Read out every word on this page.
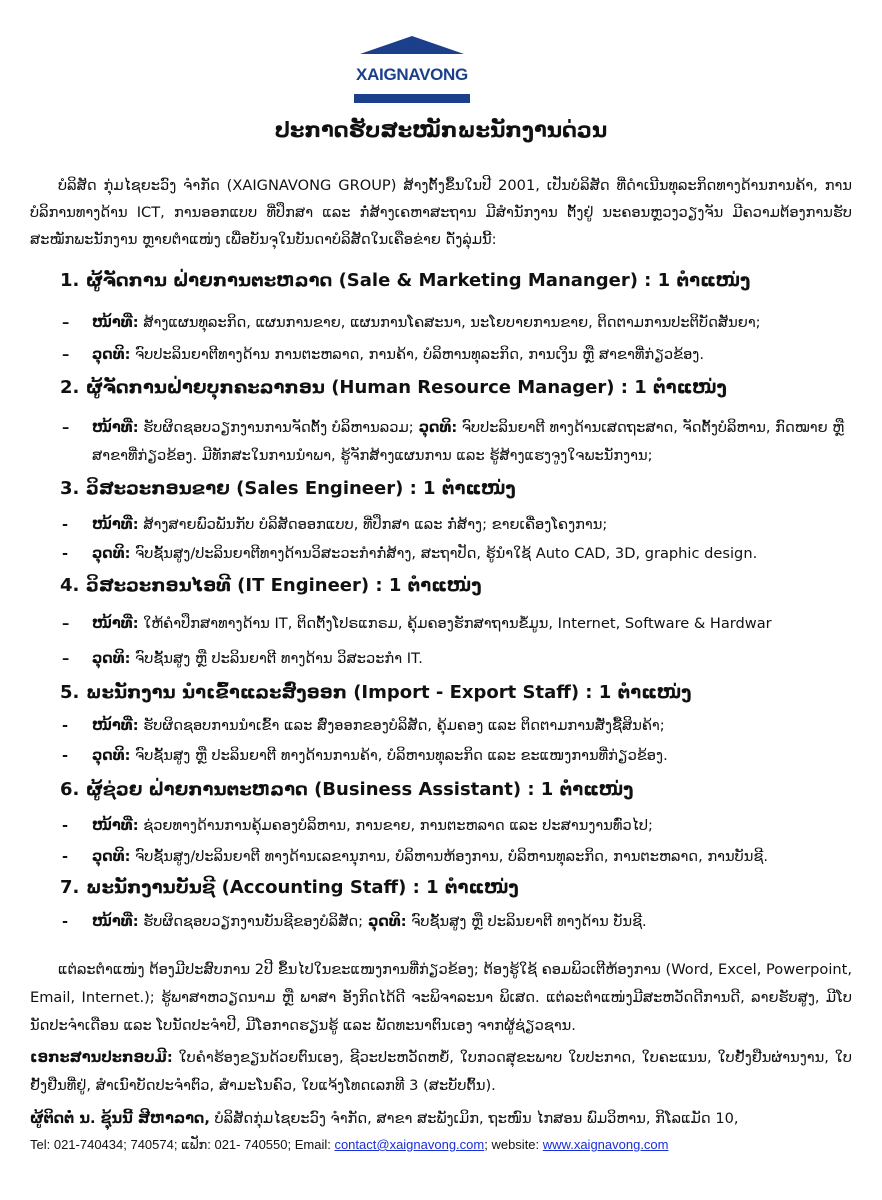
XAIGNAVONG
ປະກາດຮັບສະໝັກພະນັກງານດ່ວນ

ບໍລິສັດ ກຸ່ມໄຊຍະວົງ ຈຳກັດ (XAIGNAVONG GROUP) ສ້າງຕັ້ງຂຶ້ນໃນປີ 2001, ເປັນບໍລິສັດ ທີ່ດຳເນີນທຸລະກິດທາງດ້ານການຄ້າ, ການບໍລິການທາງດ້ານ ICT, ການອອກແບບ ທີ່ປຶກສາ ແລະ ກໍ່ສ້າງເຄຫາສະຖານ ມີສຳນັກງານ ຕັ້ງຢູ່ ນະຄອນຫຼວງວຽງຈັນ ມີຄວາມຕ້ອງການຮັບສະໝັກພະນັກງານ ຫຼາຍຕຳແໜ່ງ ເພື່ອບັນຈຸໃນບັນດາບໍລິສັດໃນເຄືອຂ່າຍ ດັ່ງລຸ່ມນີ້:

1. ຜູ້ຈັດການ ຝ່າຍການຕະຫລາດ (Sale & Marketing Mananger) : 1 ຕຳແໜ່ງ
–	ໜ້າທີ່: ສ້າງແຜນທຸລະກິດ, ແຜນການຂາຍ, ແຜນການໂຄສະນາ, ນະໂຍບາຍການຂາຍ, ຕິດຕາມການປະຕິບັດສັນຍາ;
–	ວຸດທິ: ຈົບປະລິນຍາຕີທາງດ້ານ ການຕະຫລາດ, ການຄ້າ, ບໍລິຫານທຸລະກິດ, ການເງິນ ຫຼື ສາຂາທີ່ກ່ຽວຂ້ອງ.
2. ຜູ້ຈັດການຝ່າຍບຸກຄະລາກອນ (Human Resource Manager) : 1 ຕຳແໜ່ງ
–	ໜ້າທີ່: ຮັບຜິດຊອບວຽກງານການຈັດຕັ້ງ ບໍລິຫານລວມ; ວຸດທິ: ຈົບປະລິນຍາຕີ ທາງດ້ານເສດຖະສາດ, ຈັດຕັ້ງບໍລິຫານ, ກົດໝາຍ ຫຼື ສາຂາທີ່ກ່ຽວຂ້ອງ. ມີທັກສະໃນການນຳພາ, ຮູ້ຈັກສ້າງແຜນການ ແລະ ຮູ້ສ້າງແຮງຈູງໃຈພະນັກງານ;
3. ວິສະວະກອນຂາຍ (Sales Engineer) : 1 ຕຳແໜ່ງ
-	ໜ້າທີ່: ສ້າງສາຍພົວພັນກັບ ບໍລິສັດອອກແບບ, ທີ່ປຶກສາ ແລະ ກໍ່ສ້າງ; ຂາຍເຄື່ອງໂຄງການ;
-	ວຸດທິ: ຈົບຊັ້ນສູງ/ປະລິນຍາຕີທາງດ້ານວິສະວະກຳກໍ່ສ້າງ, ສະຖາປັດ, ຮູ້ນຳໃຊ້ Auto CAD, 3D, graphic design.
4. ວິສະວະກອນໄອທີ (IT Engineer) : 1 ຕຳແໜ່ງ
–	ໜ້າທີ່: ໃຫ້ຄຳປຶກສາທາງດ້ານ IT, ຕິດຕັ້ງໂປຣແກຣມ, ຄຸ້ມຄອງຮັກສາຖານຂໍ້ມູນ, Internet, Software & Hardwar
–	ວຸດທິ: ຈົບຊັ້ນສູງ ຫຼື ປະລິນຍາຕີ ທາງດ້ານ ວິສະວະກຳ IT.
5. ພະນັກງານ ນຳເຂົ້າແລະສົ່ງອອກ (Import - Export Staff) : 1 ຕຳແໜ່ງ
-	ໜ້າທີ່: ຮັບຜິດຊອບການນຳເຂົ້າ ແລະ ສົ່ງອອກຂອງບໍລິສັດ, ຄຸ້ມຄອງ ແລະ ຕິດຕາມການສັ່ງຊື້ສິນຄ້າ;
-	ວຸດທິ: ຈົບຊັ້ນສູງ ຫຼື ປະລິນຍາຕີ ທາງດ້ານການຄ້າ, ບໍລິຫານທຸລະກິດ ແລະ ຂະແໜງການທີ່ກ່ຽວຂ້ອງ.
6. ຜູ້ຊ່ວຍ ຝ່າຍການຕະຫລາດ (Business Assistant) : 1 ຕຳແໜ່ງ
-	ໜ້າທີ່: ຊ່ວຍທາງດ້ານການຄຸ້ມຄອງບໍລິຫານ, ການຂາຍ, ການຕະຫລາດ ແລະ ປະສານງານທົ່ວໄປ;
-	ວຸດທິ: ຈົບຊັ້ນສູງ/ປະລິນຍາຕີ ທາງດ້ານເລຂານຸການ, ບໍລິຫານຫ້ອງການ, ບໍລິຫານທຸລະກິດ, ການຕະຫລາດ, ການບັນຊີ.
7. ພະນັກງານບັນຊີ (Accounting Staff) : 1 ຕຳແໜ່ງ
-	ໜ້າທີ່: ຮັບຜິດຊອບວຽກງານບັນຊີຂອງບໍລິສັດ; ວຸດທິ: ຈົບຊັ້ນສູງ ຫຼື ປະລິນຍາຕີ ທາງດ້ານ ບັນຊີ.

ແຕ່ລະຕຳແໜ່ງ ຕ້ອງມີປະສົບການ 2ປີ ຂຶ້ນໄປໃນຂະແໜງການທີ່ກ່ຽວຂ້ອງ; ຕ້ອງຮູ້ໃຊ້ ຄອມພິວເຕີຫ້ອງການ (Word, Excel, Powerpoint, Email, Internet.); ຮູ້ພາສາຫວຽດນາມ ຫຼື ພາສາ ອັງກິດໄດ້ດີ ຈະພິຈາລະນາ ພິເສດ. ແຕ່ລະຕຳແໜ່ງມີສະຫວັດດີການດີ, ລາຍຮັບສູງ, ມີໂບນັດປະຈຳເດືອນ ແລະ ໂບນັດປະຈຳປີ, ມີໂອກາດຮຽນຮູ້ ແລະ ພັດທະນາຕົນເອງ ຈາກຜູ້ຊ່ຽວຊານ.

ເອກະສານປະກອບມີ: ໃບຄຳຮ້ອງຂຽນດ້ວຍຕົນເອງ, ຊີວະປະຫວັດຫຍໍ້, ໃບກວດສຸຂະພາບ ໃບປະກາດ, ໃບຄະແນນ, ໃບຢັ້ງຢືນຜ່ານງານ, ໃບຢັ້ງຢືນທີ່ຢູ່, ສຳເນົາບັດປະຈຳຕົວ, ສຳມະໂນຄົວ, ໃບແຈ້ງໂທດເລກທີ 3 (ສະບັບຕົ້ນ).

ຜູ້ຕິດຕໍ່ ນ. ຊຸ້ນນີ້ ສີຫາລາດ, ບໍລິສັດກຸ່ມໄຊຍະວົງ ຈຳກັດ, ສາຂາ ສະພັງເມິກ, ຖະໜົນ ໄກສອນ ພົມວິຫານ, ກິໂລແມັດ 10,
Tel: 021-740434; 740574; ແຟັກ: 021- 740550; Email: contact@xaignavong.com; website: www.xaignavong.com
